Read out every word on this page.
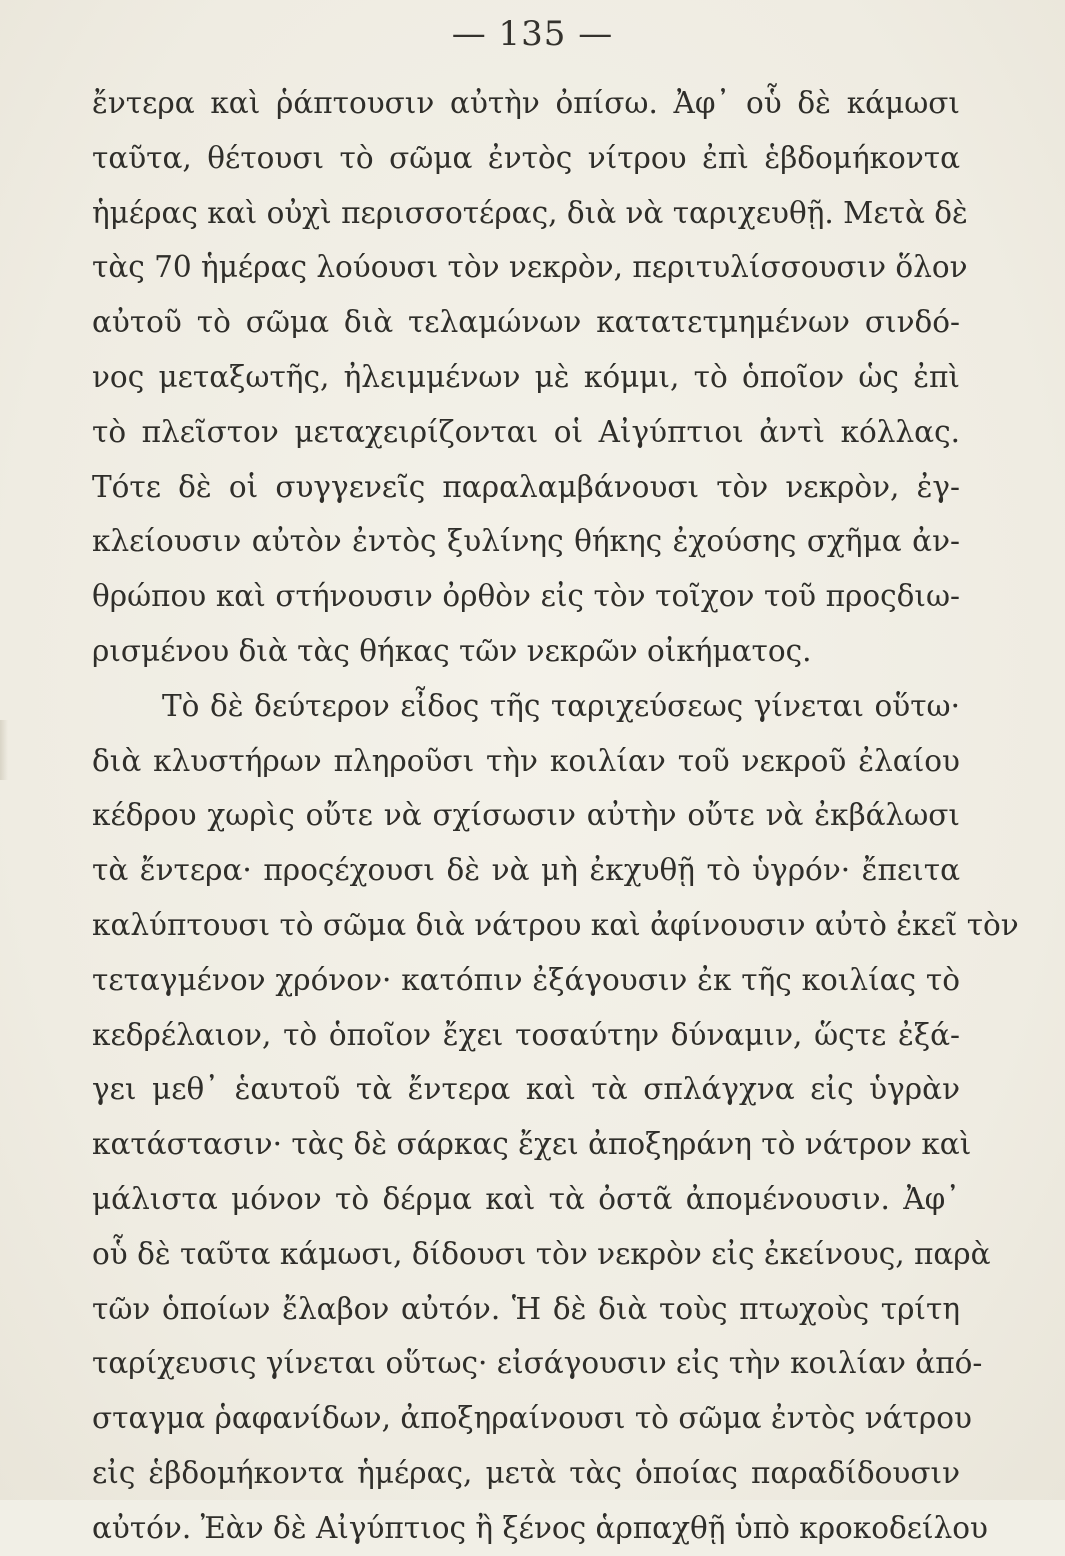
— 135 —
ἔντερα καὶ ῥάπτουσιν αὐτὴν ὀπίσω. Ἀφ᾽ οὗ δὲ κάμωσι
ταῦτα, θέτουσι τὸ σῶμα ἐντὸς νίτρου ἐπὶ ἑβδομήκοντα
ἡμέρας καὶ οὐχὶ περισσοτέρας, διὰ νὰ ταριχευθῇ. Μετὰ δὲ
τὰς 70 ἡμέρας λούουσι τὸν νεκρὸν, περιτυλίσσουσιν ὅλον
αὐτοῦ τὸ σῶμα διὰ τελαμώνων κατατετμημένων σινδό-
νος μεταξωτῆς, ἠλειμμένων μὲ κόμμι, τὸ ὁποῖον ὡς ἐπὶ
τὸ πλεῖστον μεταχειρίζονται οἱ Αἰγύπτιοι ἀντὶ κόλλας.
Τότε δὲ οἱ συγγενεῖς παραλαμβάνουσι τὸν νεκρὸν, ἐγ-
κλείουσιν αὐτὸν ἐντὸς ξυλίνης θήκης ἐχούσης σχῆμα ἀν-
θρώπου καὶ στήνουσιν ὀρθὸν εἰς τὸν τοῖχον τοῦ προςδιω-
ρισμένου διὰ τὰς θήκας τῶν νεκρῶν οἰκήματος.
Τὸ δὲ δεύτερον εἶδος τῆς ταριχεύσεως γίνεται οὕτω·
διὰ κλυστήρων πληροῦσι τὴν κοιλίαν τοῦ νεκροῦ ἐλαίου
κέδρου χωρὶς οὔτε νὰ σχίσωσιν αὐτὴν οὔτε νὰ ἐκβάλωσι
τὰ ἔντερα· προςέχουσι δὲ νὰ μὴ ἐκχυθῇ τὸ ὑγρόν· ἔπειτα
καλύπτουσι τὸ σῶμα διὰ νάτρου καὶ ἀφίνουσιν αὐτὸ ἐκεῖ τὸν
τεταγμένον χρόνον· κατόπιν ἐξάγουσιν ἐκ τῆς κοιλίας τὸ
κεδρέλαιον, τὸ ὁποῖον ἔχει τοσαύτην δύναμιν, ὥςτε ἐξά-
γει μεθ᾽ ἑαυτοῦ τὰ ἔντερα καὶ τὰ σπλάγχνα εἰς ὑγρὰν
κατάστασιν· τὰς δὲ σάρκας ἔχει ἀποξηράνη τὸ νάτρον καὶ
μάλιστα μόνον τὸ δέρμα καὶ τὰ ὀστᾶ ἀπομένουσιν. Ἀφ᾽
οὗ δὲ ταῦτα κάμωσι, δίδουσι τὸν νεκρὸν εἰς ἐκείνους, παρὰ
τῶν ὁποίων ἔλαβον αὐτόν. Ἡ δὲ διὰ τοὺς πτωχοὺς τρίτη
ταρίχευσις γίνεται οὕτως· εἰσάγουσιν εἰς τὴν κοιλίαν ἀπό-
σταγμα ῥαφανίδων, ἀποξηραίνουσι τὸ σῶμα ἐντὸς νάτρου
εἰς ἑβδομήκοντα ἡμέρας, μετὰ τὰς ὁποίας παραδίδουσιν
αὐτόν. Ἐὰν δὲ Αἰγύπτιος ἢ ξένος ἁρπαχθῇ ὑπὸ κροκοδείλου
